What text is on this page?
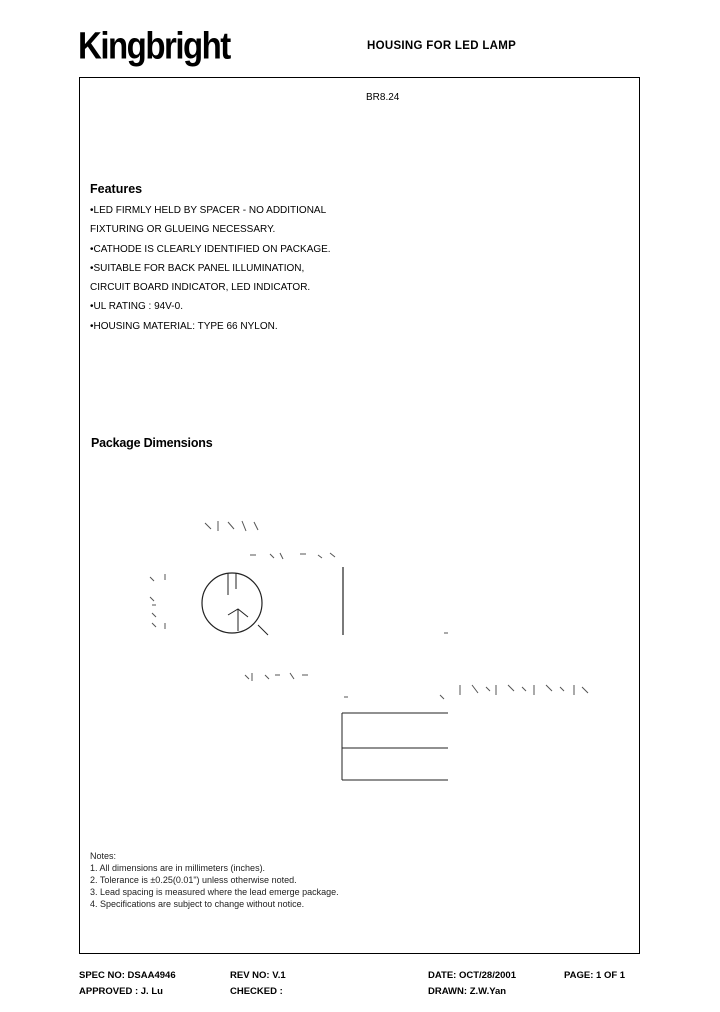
Kingbright	HOUSING FOR LED LAMP
BR8.24
Features
•LED FIRMLY HELD BY SPACER - NO ADDITIONAL
FIXTURING OR GLUEING NECESSARY.
•CATHODE IS CLEARLY IDENTIFIED ON PACKAGE.
•SUITABLE FOR BACK PANEL ILLUMINATION,
CIRCUIT BOARD INDICATOR, LED INDICATOR.
•UL RATING : 94V-0.
•HOUSING MATERIAL: TYPE 66 NYLON.
Package Dimensions
Notes:
1. All dimensions are in millimeters (inches).
2. Tolerance is ±0.25(0.01") unless otherwise noted.
3. Lead spacing is measured where the lead emerge package.
4. Specifications are subject to change without notice.
SPEC NO: DSAA4946	REV NO: V.1	DATE: OCT/28/2001	PAGE: 1 OF 1
APPROVED : J. Lu	CHECKED :	DRAWN: Z.W.Yan
